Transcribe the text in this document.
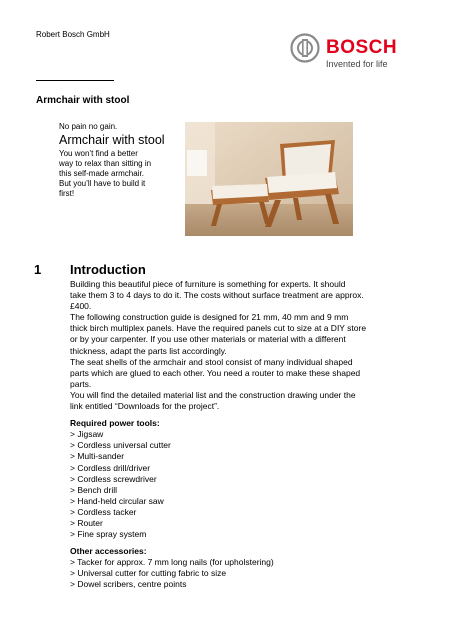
Robert Bosch GmbH
BOSCH
Invented for life
Armchair with stool
No pain no gain.
Armchair with stool
You won’t find a better
way to relax than sitting in
this self-made armchair.
But you’ll have to build it
first!
1 Introduction

Building this beautiful piece of furniture is something for experts. It should

take them 3 to 4 days to do it. The costs without surface treatment are approx.

£400.

The following construction guide is designed for 21 mm, 40 mm and 9 mm

thick birch multiplex panels. Have the required panels cut to size at a DIY store

or by your carpenter. If you use other materials or material with a different

thickness, adapt the parts list accordingly.

The seat shells of the armchair and stool consist of many individual shaped

parts which are glued to each other. You need a router to make these shaped

parts.

You will find the detailed material list and the construction drawing under the

link entitled “Downloads for the project”.

Required power tools:
> Jigsaw
> Cordless universal cutter
> Multi-sander
> Cordless drill/driver
> Cordless screwdriver
> Bench drill
> Hand-held circular saw
> Cordless tacker
> Router
> Fine spray system
Other accessories:
> Tacker for approx. 7 mm long nails (for upholstering)
> Universal cutter for cutting fabric to size
> Dowel scribers, centre points
